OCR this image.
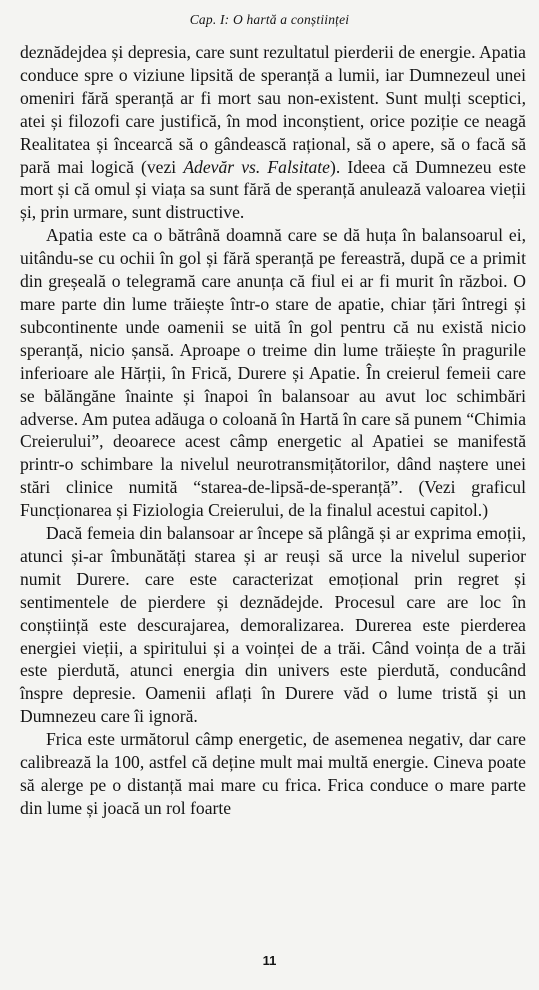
Cap. I: O hartă a conștiinței

deznădejdea și depresia, care sunt rezultatul pierderii de energie. Apatia conduce spre o viziune lipsită de speranță a lumii, iar Dumnezeul unei omeniri fără speranță ar fi mort sau non-existent. Sunt mulți sceptici, atei și filozofi care justifică, în mod inconștient, orice poziție ce neagă Realitatea și încearcă să o gândească rațional, să o apere, să o facă să pară mai logică (vezi Adevăr vs. Falsitate). Ideea că Dumnezeu este mort și că omul și viața sa sunt fără de speranță anulează valoarea vieții și, prin urmare, sunt distructive.

Apatia este ca o bătrână doamnă care se dă huța în balansoarul ei, uitându-se cu ochii în gol și fără speranță pe fereastră, după ce a primit din greșeală o telegramă care anunța că fiul ei ar fi murit în război. O mare parte din lume trăiește într-o stare de apatie, chiar țări întregi și subcontinente unde oamenii se uită în gol pentru că nu există nicio speranță, nicio șansă. Aproape o treime din lume trăiește în pragurile inferioare ale Hărții, în Frică, Durere și Apatie. În creierul femeii care se bălăngăne înainte și înapoi în balansoar au avut loc schimbări adverse. Am putea adăuga o coloană în Hartă în care să punem “Chimia Creierului”, deoarece acest câmp energetic al Apatiei se manifestă printr-o schimbare la nivelul neurotransmițătorilor, dând naștere unei stări clinice numită “starea-de-lipsă-de-speranță”. (Vezi graficul Funcționarea și Fiziologia Creierului, de la finalul acestui capitol.)

Dacă femeia din balansoar ar începe să plângă și ar exprima emoții, atunci și-ar îmbunătăți starea și ar reuși să urce la nivelul superior numit Durere. care este caracterizat emoțional prin regret și sentimentele de pierdere și deznădejde. Procesul care are loc în conștiință este descurajarea, demoralizarea. Durerea este pierderea energiei vieții, a spiritului și a voinței de a trăi. Când voința de a trăi este pierdută, atunci energia din univers este pierdută, conducând înspre depresie. Oamenii aflați în Durere văd o lume tristă și un Dumnezeu care îi ignoră.

Frica este următorul câmp energetic, de asemenea negativ, dar care calibrează la 100, astfel că deține mult mai multă energie. Cineva poate să alerge pe o distanță mai mare cu frica. Frica conduce o mare parte din lume și joacă un rol foarte

11
